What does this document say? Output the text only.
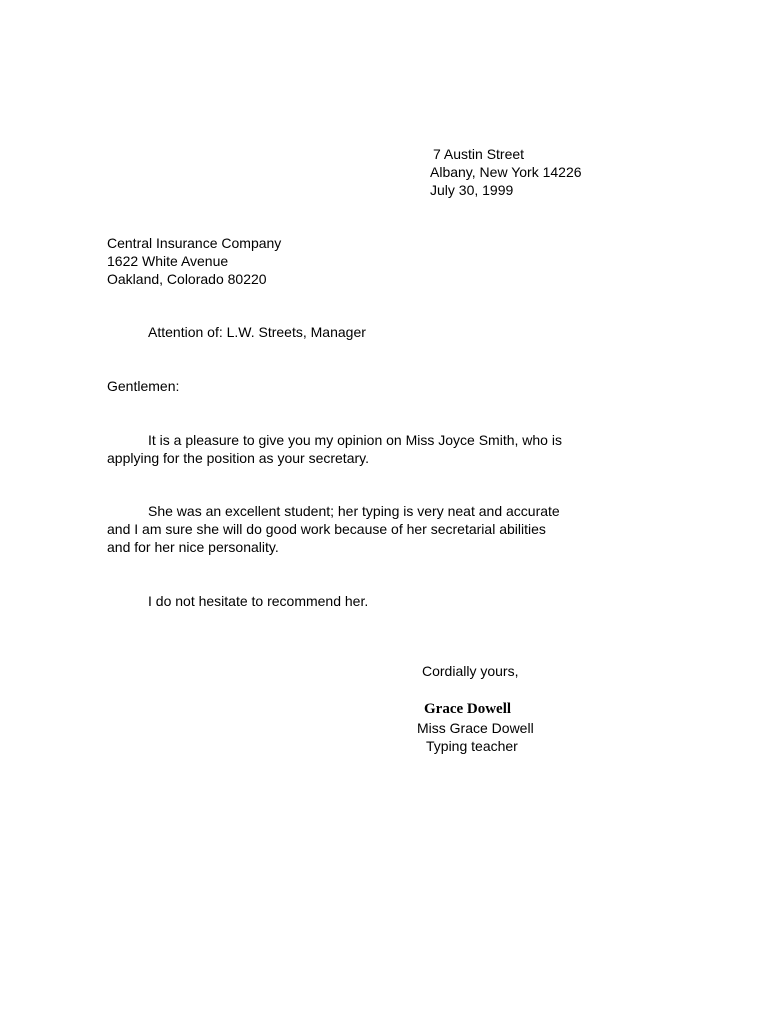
7 Austin Street
Albany, New York 14226
July 30, 1999
Central Insurance Company
1622 White Avenue
Oakland, Colorado 80220
Attention of: L.W. Streets, Manager
Gentlemen:
It is a pleasure to give you my opinion on Miss Joyce Smith, who is
applying for the position as your secretary.
She was an excellent student; her typing is very neat and accurate
and I am sure she will do good work because of her secretarial abilities
and for her nice personality.
I do not hesitate to recommend her.
Cordially yours,
Grace Dowell
Miss Grace Dowell
Typing teacher
